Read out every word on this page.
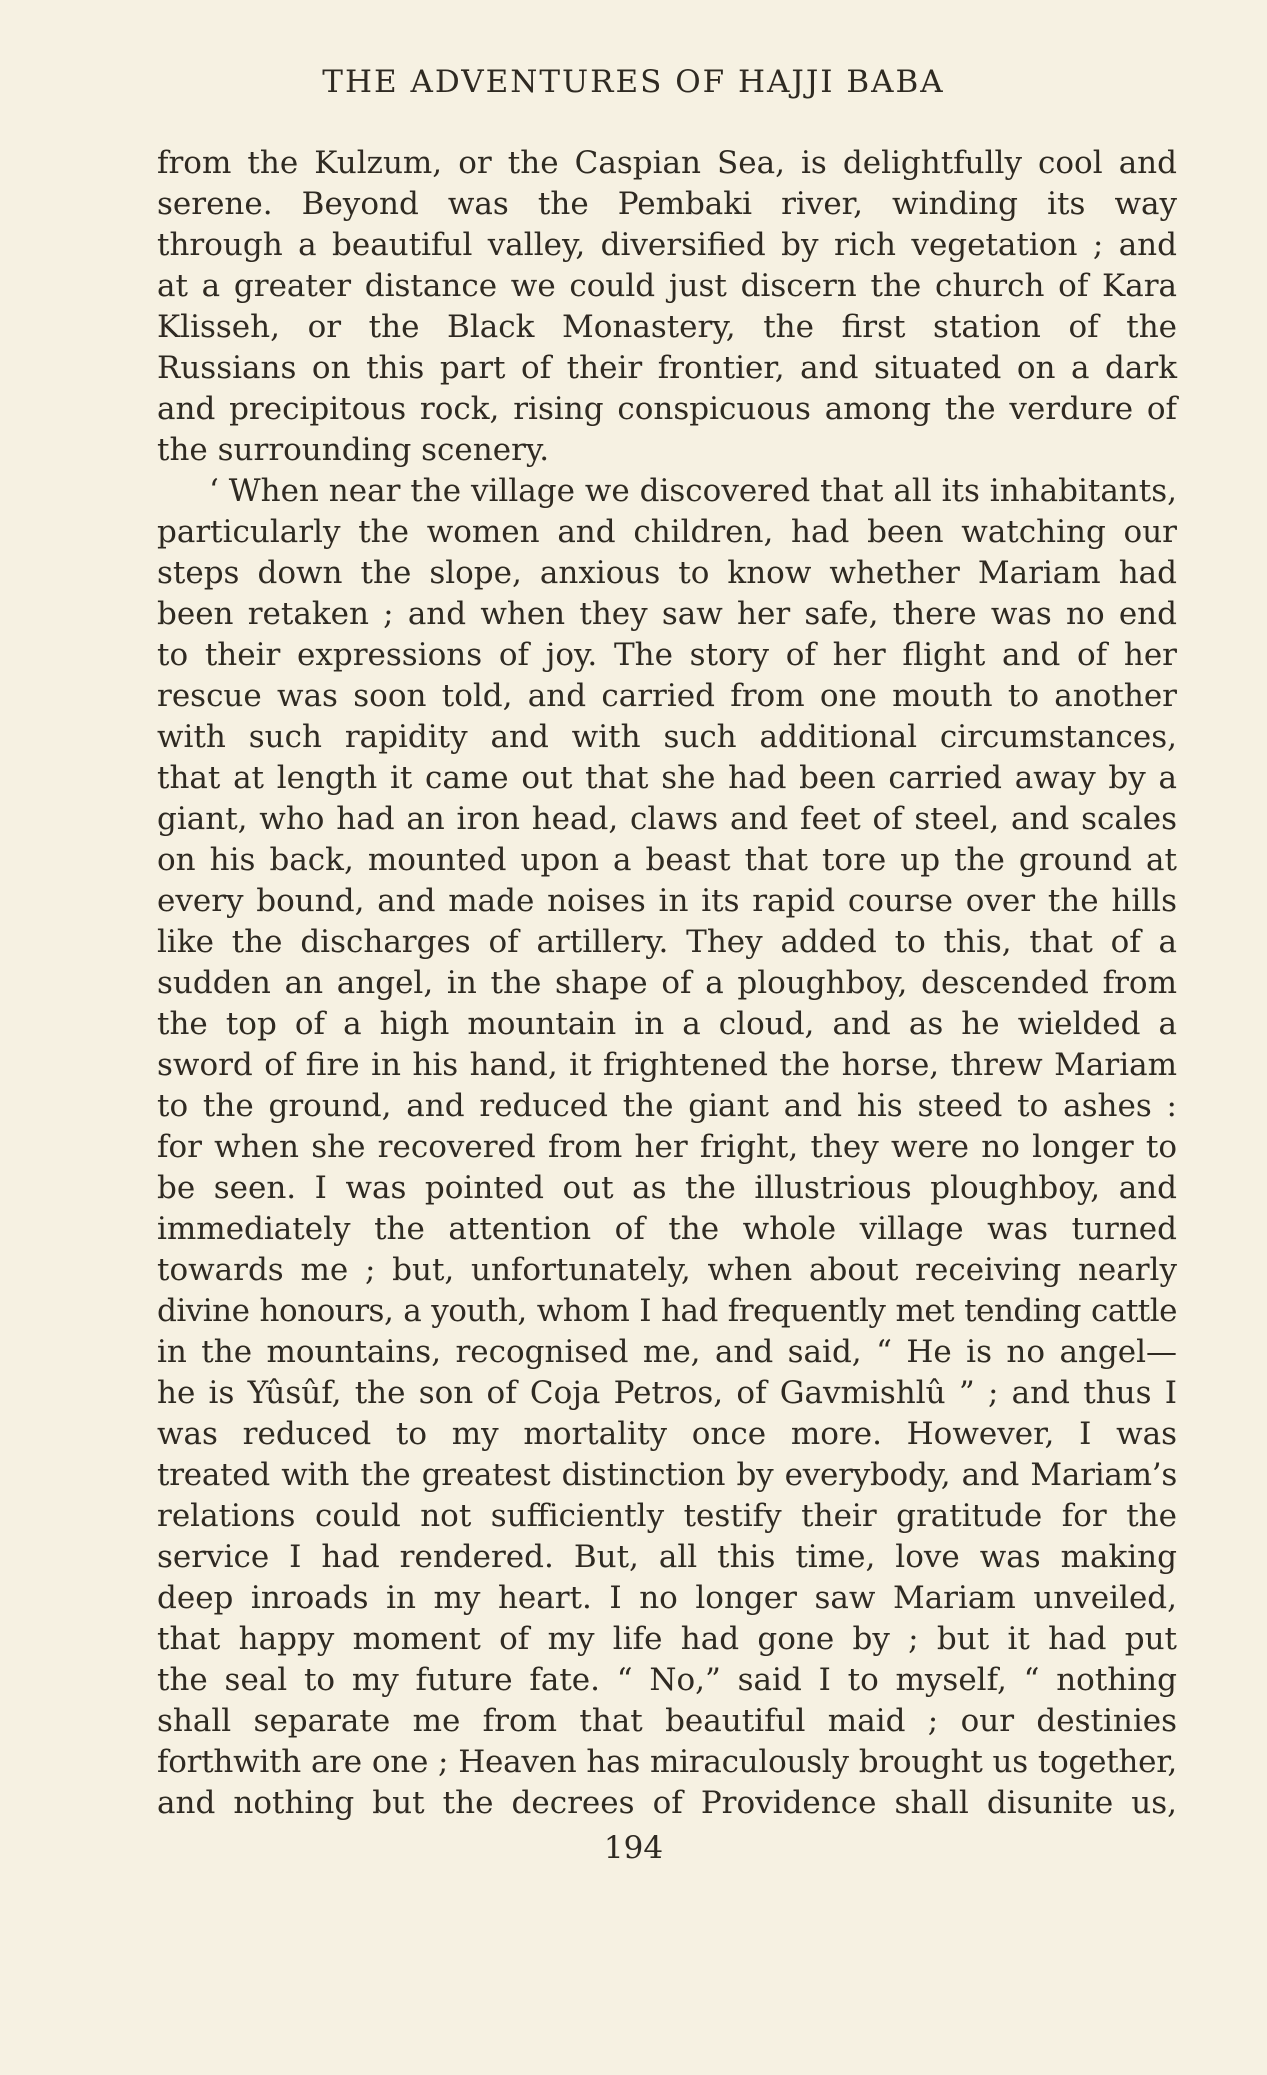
THE ADVENTURES OF HAJJI BABA
from the Kulzum, or the Caspian Sea, is delightfully cool and
serene. Beyond was the Pembaki river, winding its way
through a beautiful valley, diversified by rich vegetation ; and
at a greater distance we could just discern the church of Kara
Klisseh, or the Black Monastery, the first station of the
Russians on this part of their frontier, and situated on a dark
and precipitous rock, rising conspicuous among the verdure of
the surrounding scenery.
‘ When near the village we discovered that all its inhabitants,
particularly the women and children, had been watching our
steps down the slope, anxious to know whether Mariam had
been retaken ; and when they saw her safe, there was no end
to their expressions of joy. The story of her flight and of her
rescue was soon told, and carried from one mouth to another
with such rapidity and with such additional circumstances,
that at length it came out that she had been carried away by a
giant, who had an iron head, claws and feet of steel, and scales
on his back, mounted upon a beast that tore up the ground at
every bound, and made noises in its rapid course over the hills
like the discharges of artillery. They added to this, that of a
sudden an angel, in the shape of a ploughboy, descended from
the top of a high mountain in a cloud, and as he wielded a
sword of fire in his hand, it frightened the horse, threw Mariam
to the ground, and reduced the giant and his steed to ashes :
for when she recovered from her fright, they were no longer to
be seen. I was pointed out as the illustrious ploughboy, and
immediately the attention of the whole village was turned
towards me ; but, unfortunately, when about receiving nearly
divine honours, a youth, whom I had frequently met tending cattle
in the mountains, recognised me, and said, “ He is no angel—
he is Yûsûf, the son of Coja Petros, of Gavmishlû ” ; and thus I
was reduced to my mortality once more. However, I was
treated with the greatest distinction by everybody, and Mariam’s
relations could not sufficiently testify their gratitude for the
service I had rendered. But, all this time, love was making
deep inroads in my heart. I no longer saw Mariam unveiled,
that happy moment of my life had gone by ; but it had put
the seal to my future fate. “ No,” said I to myself, “ nothing
shall separate me from that beautiful maid ; our destinies
forthwith are one ; Heaven has miraculously brought us together,
and nothing but the decrees of Providence shall disunite us,
194
